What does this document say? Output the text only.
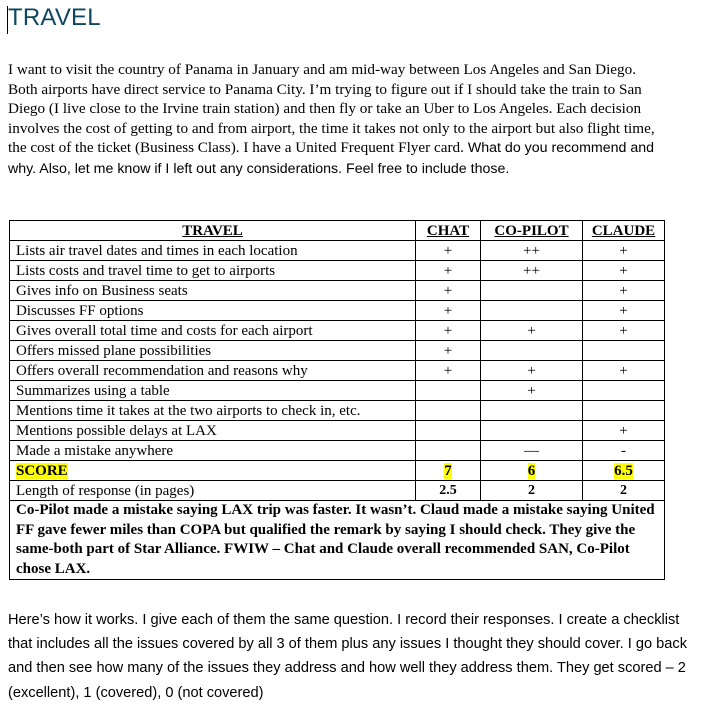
TRAVEL

I want to visit the country of Panama in January and am mid-way between Los Angeles and San Diego. Both airports have direct service to Panama City. I’m trying to figure out if I should take the train to San Diego (I live close to the Irvine train station) and then fly or take an Uber to Los Angeles. Each decision involves the cost of getting to and from airport, the time it takes not only to the airport but also flight time, the cost of the ticket (Business Class). I have a United Frequent Flyer card. What do you recommend and why. Also, let me know if I left out any considerations. Feel free to include those.

TRAVEL	CHAT	CO-PILOT	CLAUDE
Lists air travel dates and times in each location	+	++	+
Lists costs and travel time to get to airports	+	++	+
Gives info on Business seats	+		+
Discusses FF options	+		+
Gives overall total time and costs for each airport	+	+	+
Offers missed plane possibilities	+		
Offers overall recommendation and reasons why	+	+	+
Summarizes using a table		+	
Mentions time it takes at the two airports to check in, etc.			
Mentions possible delays at LAX			+
Made a mistake anywhere		—	-
SCORE	7	6	6.5
Length of response (in pages)	2.5	2	2
Co-Pilot made a mistake saying LAX trip was faster. It wasn’t. Claud made a mistake saying United FF gave fewer miles than COPA but qualified the remark by saying I should check. They give the same-both part of Star Alliance. FWIW – Chat and Claude overall recommended SAN, Co-Pilot chose LAX.			

Here’s how it works. I give each of them the same question. I record their responses. I create a checklist that includes all the issues covered by all 3 of them plus any issues I thought they should cover. I go back and then see how many of the issues they address and how well they address them. They get scored – 2 (excellent), 1 (covered), 0 (not covered)
